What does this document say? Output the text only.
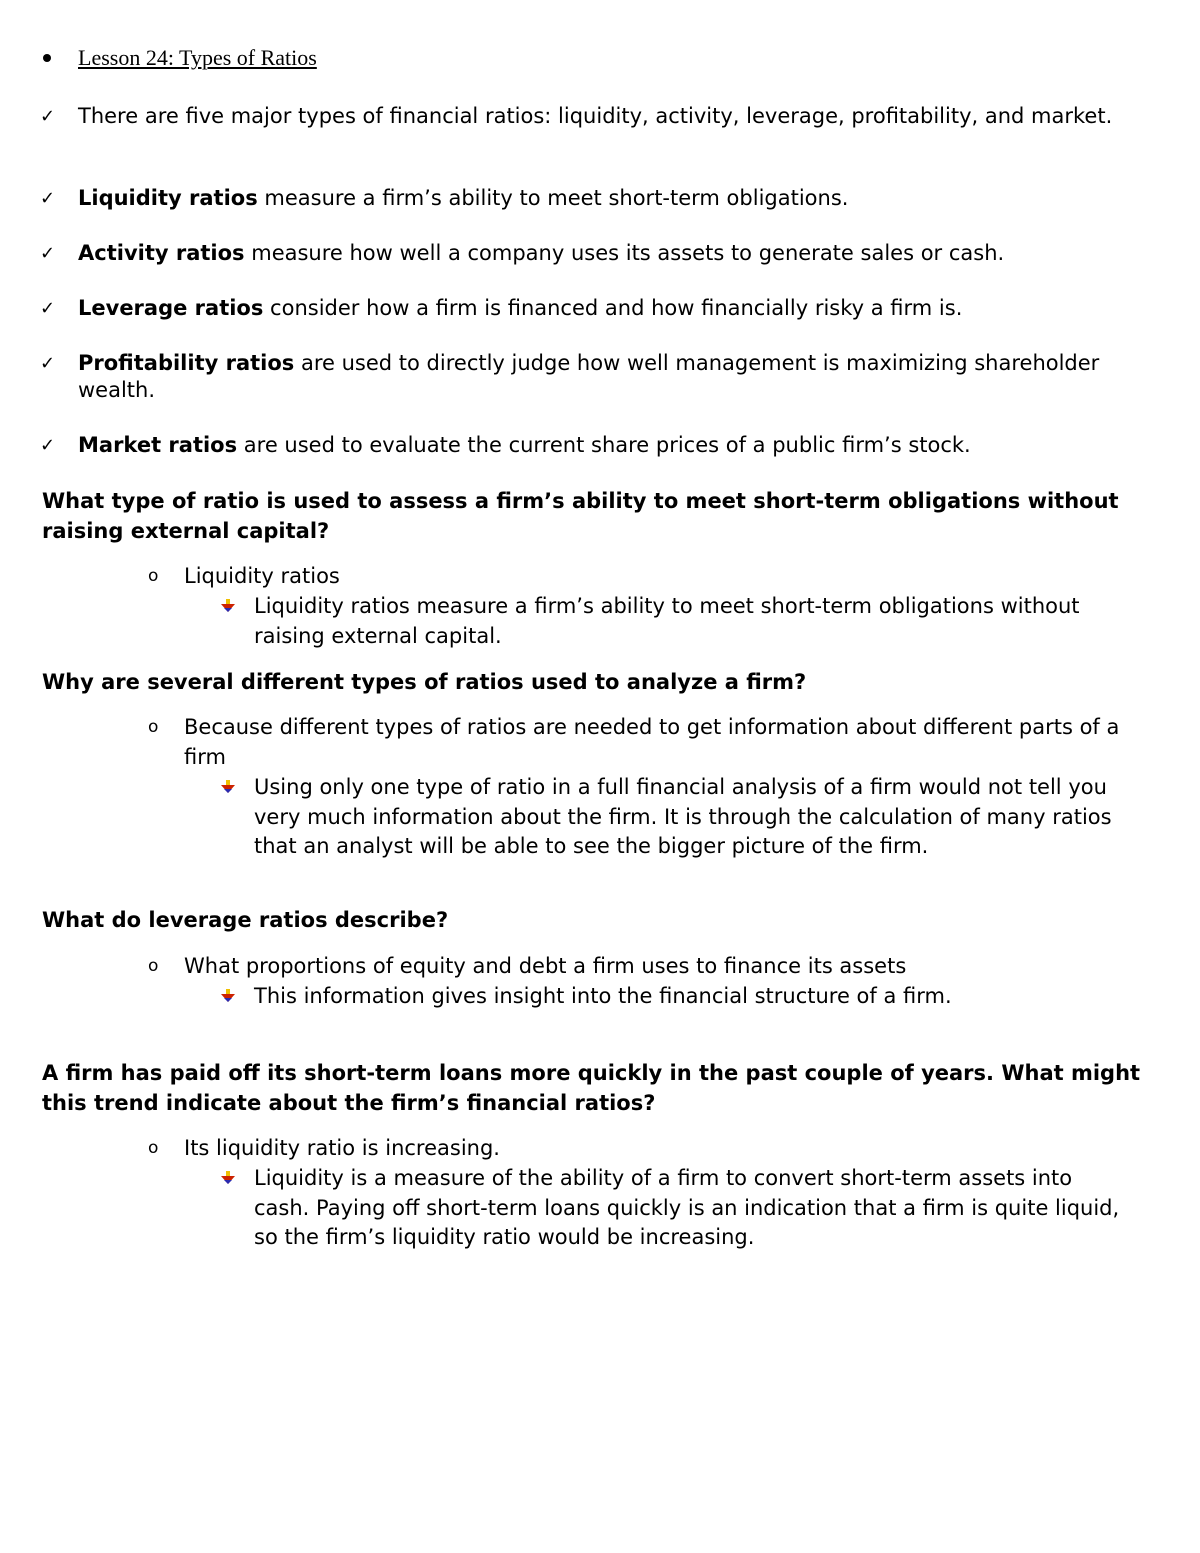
Lesson 24: Types of Ratios
✓	There are five major types of financial ratios: liquidity, activity, leverage, profitability, and market.
✓	Liquidity ratios measure a firm’s ability to meet short-term obligations.
✓	Activity ratios measure how well a company uses its assets to generate sales or cash.
✓	Leverage ratios consider how a firm is financed and how financially risky a firm is.
✓	Profitability ratios are used to directly judge how well management is maximizing shareholder wealth.
✓	Market ratios are used to evaluate the current share prices of a public firm’s stock.
What type of ratio is used to assess a firm’s ability to meet short-term obligations without raising external capital?
o	Liquidity ratios
Liquidity ratios measure a firm’s ability to meet short-term obligations without raising external capital.
Why are several different types of ratios used to analyze a firm?
o	Because different types of ratios are needed to get information about different parts of a firm
Using only one type of ratio in a full financial analysis of a firm would not tell you very much information about the firm. It is through the calculation of many ratios that an analyst will be able to see the bigger picture of the firm.
What do leverage ratios describe?
o	What proportions of equity and debt a firm uses to finance its assets
This information gives insight into the financial structure of a firm.
A firm has paid off its short-term loans more quickly in the past couple of years. What might this trend indicate about the firm’s financial ratios?
o	Its liquidity ratio is increasing.
Liquidity is a measure of the ability of a firm to convert short-term assets into cash. Paying off short-term loans quickly is an indication that a firm is quite liquid, so the firm’s liquidity ratio would be increasing.
